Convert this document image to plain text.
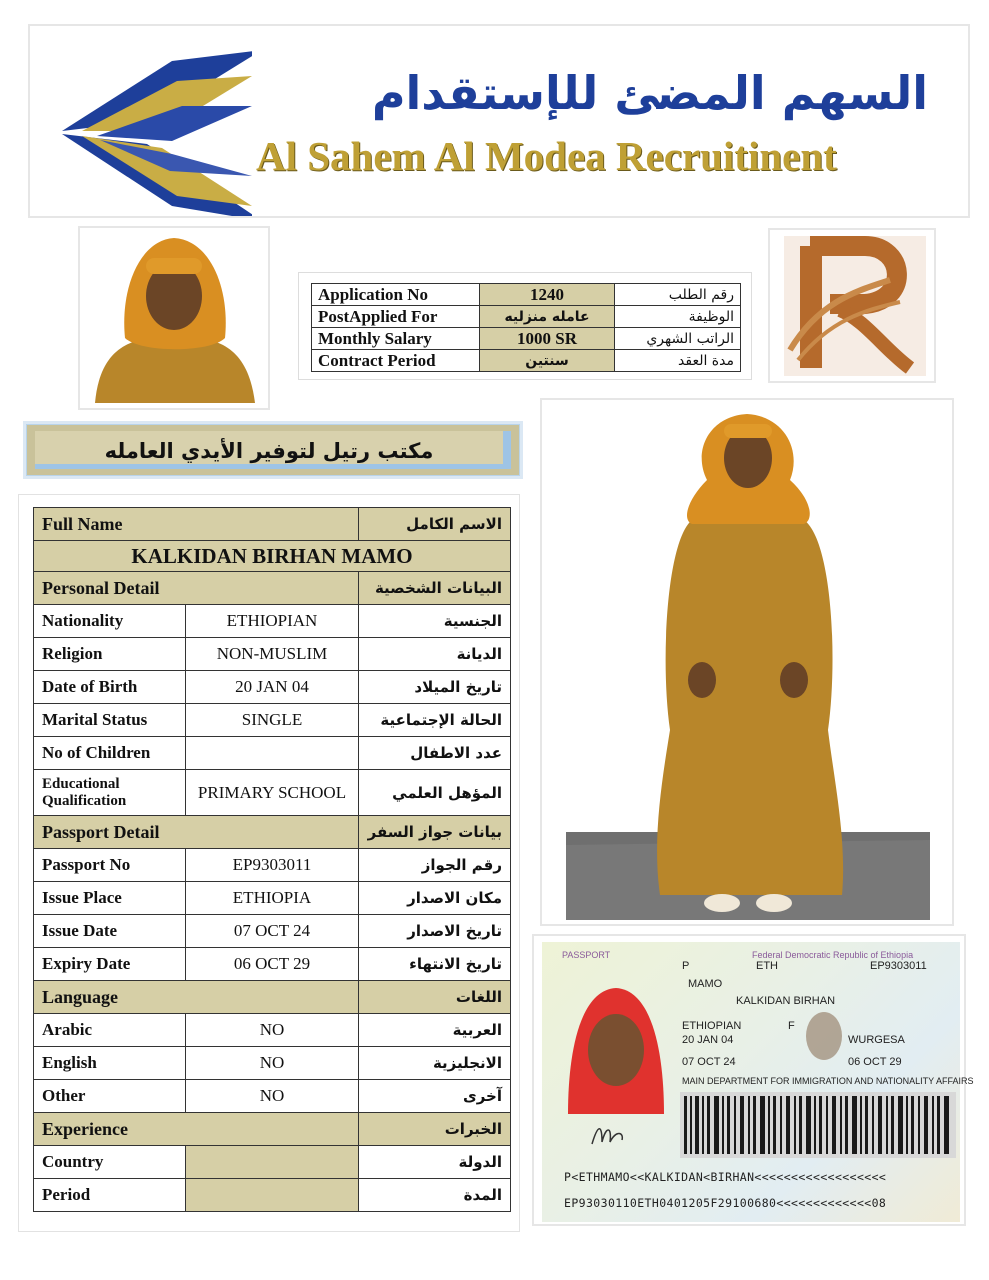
السهم المضئ للإستقدام
Al Sahem Al Modea Recruitinent
Application No	1240	رقم الطلب
PostApplied For	عامله منزليه	الوظيفة
Monthly Salary	1000 SR	الراتب الشهري
Contract Period	سنتين	مدة العقد
مكتب رتيل لتوفير الأيدي العامله
Full Name		الاسم الكامل
KALKIDAN BIRHAN MAMO		
Personal Detail		البيانات الشخصية
Nationality	ETHIOPIAN	الجنسية
Religion	NON-MUSLIM	الديانة
Date of Birth	20 JAN 04	تاريخ الميلاد
Marital Status	SINGLE	الحالة الإجتماعية
No of Children		عدد الاطفال
Educational Qualification	PRIMARY SCHOOL	المؤهل العلمي
Passport Detail		بيانات جواز السفر
Passport No	EP9303011	رقم الجواز
Issue Place	ETHIOPIA	مكان الاصدار
Issue Date	07 OCT 24	تاريخ الاصدار
Expiry Date	06 OCT 29	تاريخ الانتهاء
Language		اللغات
Arabic	NO	العربية
English	NO	الانجليزية
Other	NO	آخرى
Experience		الخبرات
Country		الدولة
Period		المدة
PASSPORT	Federal Democratic Republic of Ethiopia
P	ETH	EP9303011
MAMO
KALKIDAN BIRHAN
ETHIOPIAN	F
20 JAN 04	WURGESA
07 OCT 24	06 OCT 29
MAIN DEPARTMENT FOR IMMIGRATION AND NATIONALITY AFFAIRS
P<ETHMAMO<<KALKIDAN<BIRHAN<<<<<<<<<<<<<<<<<<
EP93030110ETH0401205F29100680<<<<<<<<<<<<<08
